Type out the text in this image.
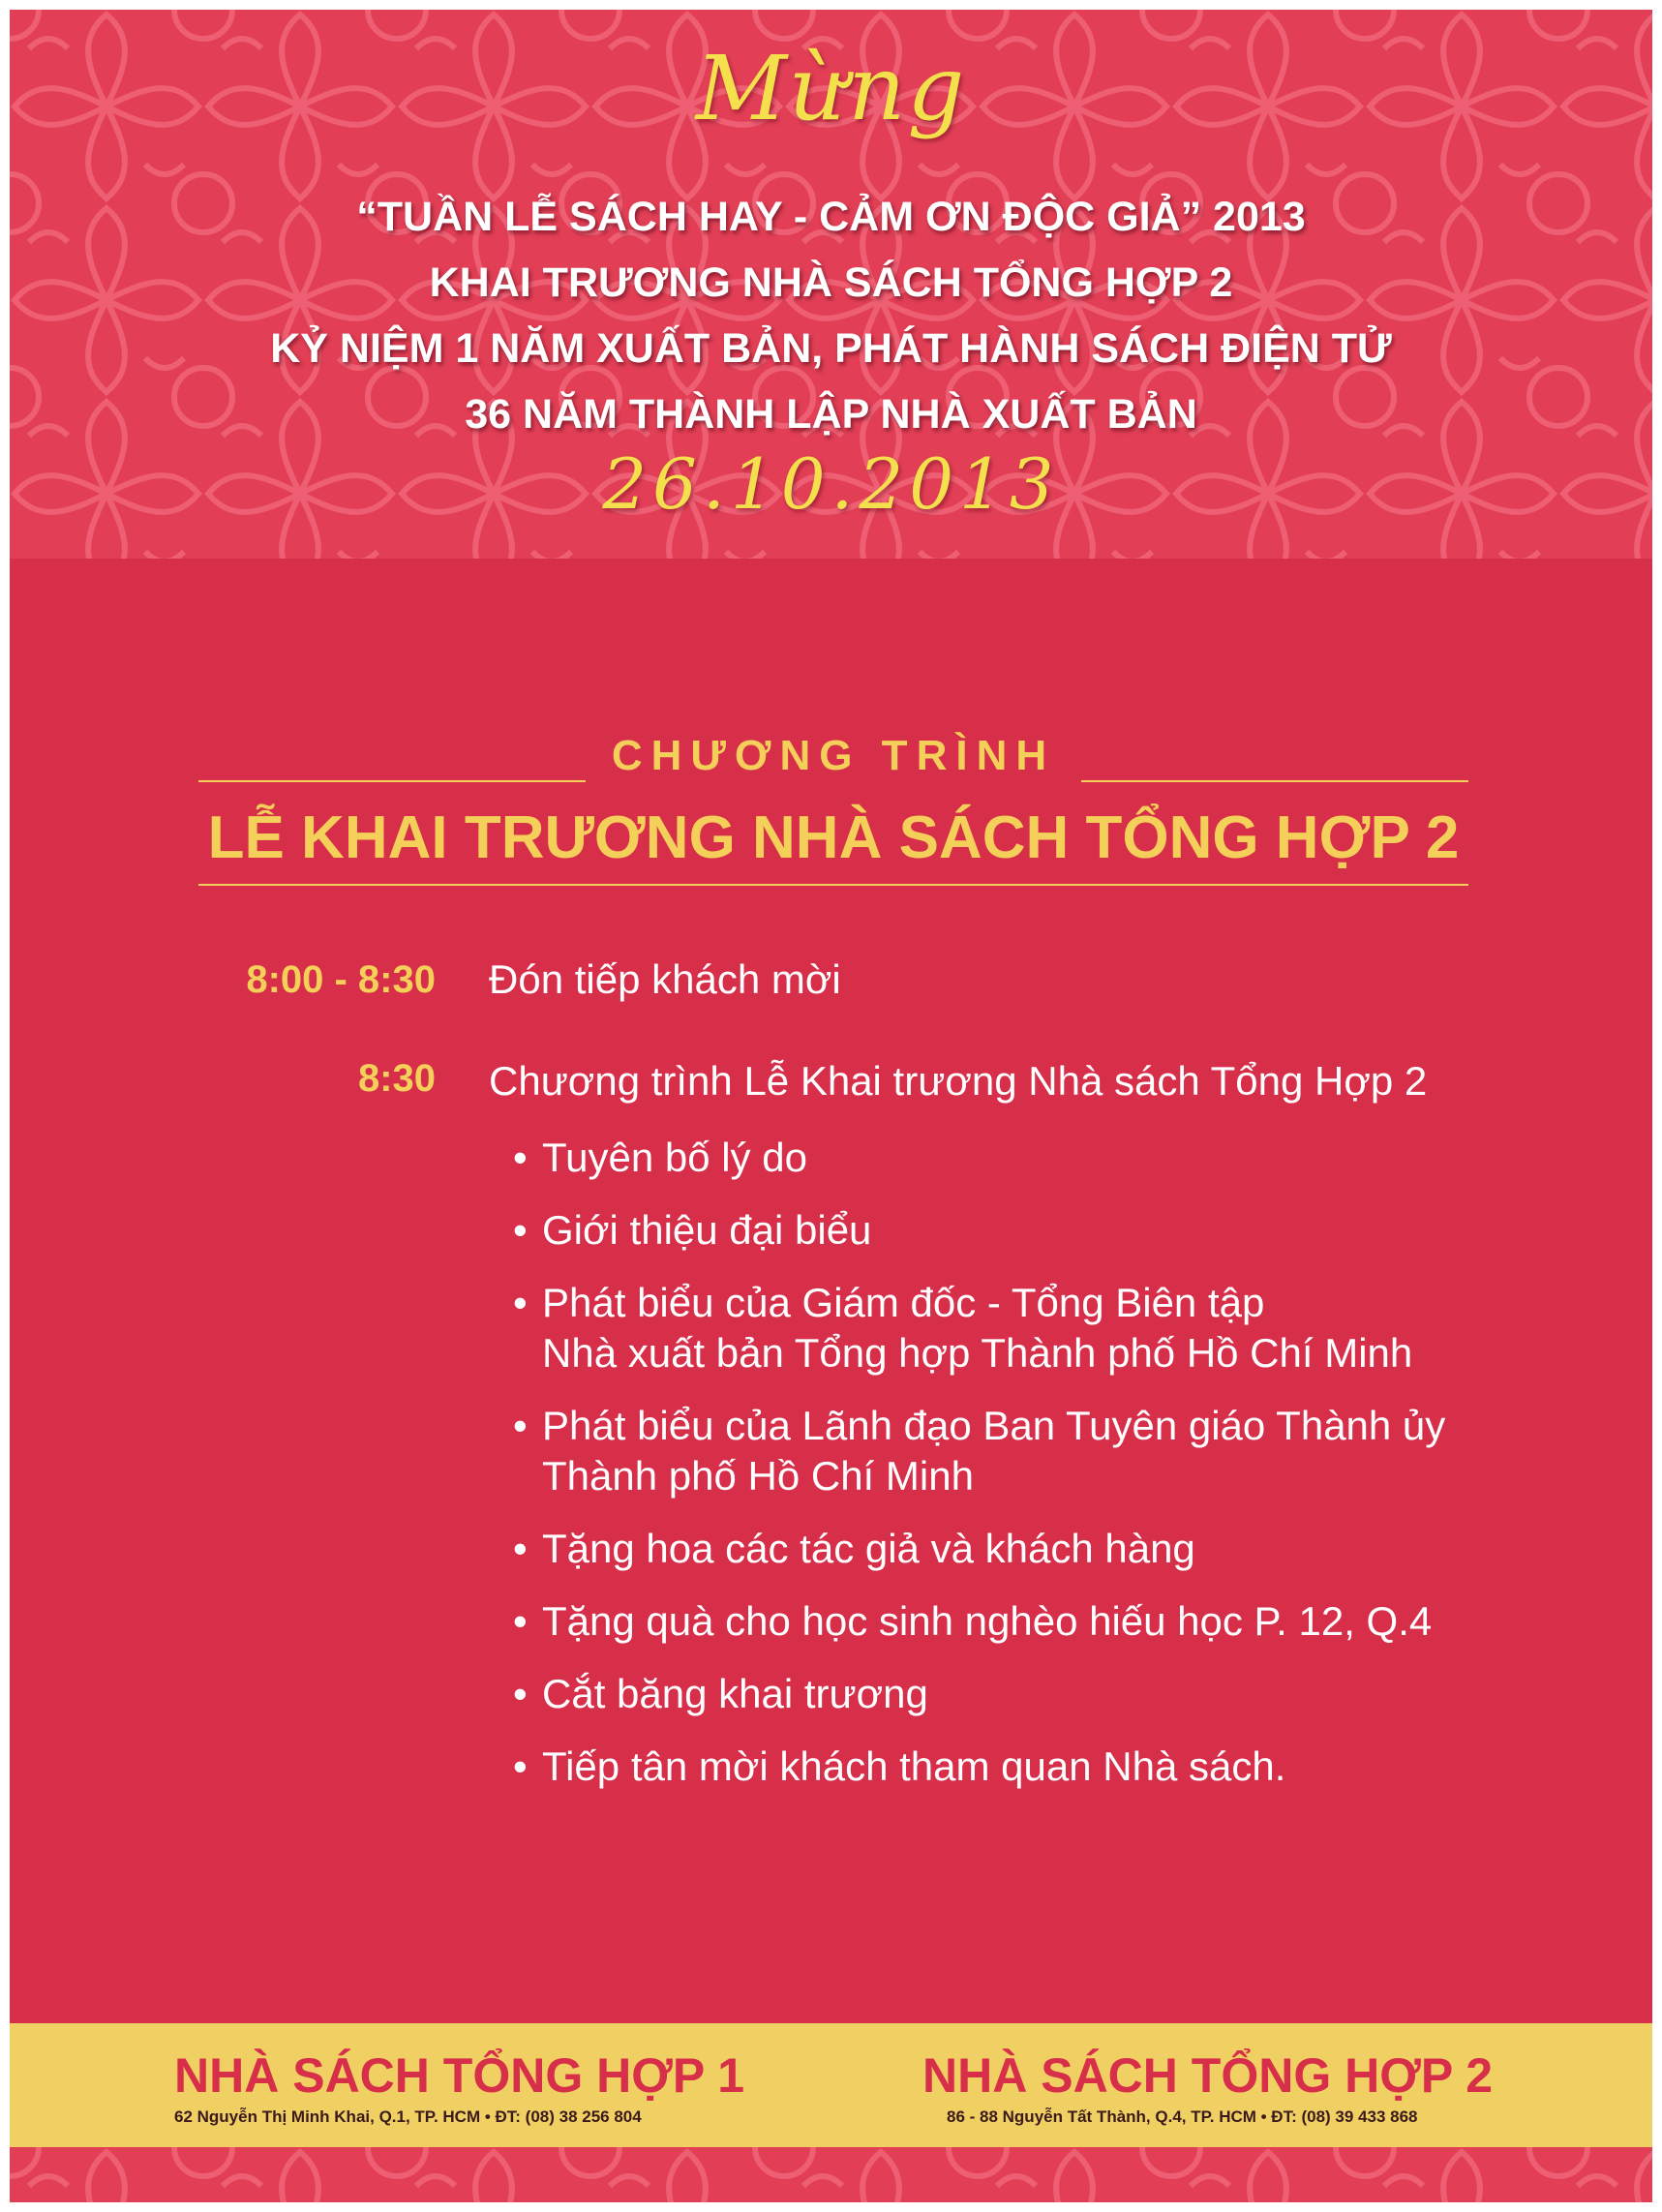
Mừng
“TUẦN LỄ SÁCH HAY - CẢM ƠN ĐỘC GIẢ” 2013
KHAI TRƯƠNG NHÀ SÁCH TỔNG HỢP 2
KỶ NIỆM 1 NĂM XUẤT BẢN, PHÁT HÀNH SÁCH ĐIỆN TỬ
36 NĂM THÀNH LẬP NHÀ XUẤT BẢN
26.10.2013
CHƯƠNG TRÌNH
LỄ KHAI TRƯƠNG NHÀ SÁCH TỔNG HỢP 2
8:00 - 8:30 Đón tiếp khách mời
8:30 Chương trình Lễ Khai trương Nhà sách Tổng Hợp 2
• Tuyên bố lý do
• Giới thiệu đại biểu
• Phát biểu của Giám đốc - Tổng Biên tập
Nhà xuất bản Tổng hợp Thành phố Hồ Chí Minh
• Phát biểu của Lãnh đạo Ban Tuyên giáo Thành ủy
Thành phố Hồ Chí Minh
• Tặng hoa các tác giả và khách hàng
• Tặng quà cho học sinh nghèo hiếu học P. 12, Q.4
• Cắt băng khai trương
• Tiếp tân mời khách tham quan Nhà sách.
NHÀ SÁCH TỔNG HỢP 1
62 Nguyễn Thị Minh Khai, Q.1, TP. HCM • ĐT: (08) 38 256 804
NHÀ SÁCH TỔNG HỢP 2
86 - 88 Nguyễn Tất Thành, Q.4, TP. HCM • ĐT: (08) 39 433 868
